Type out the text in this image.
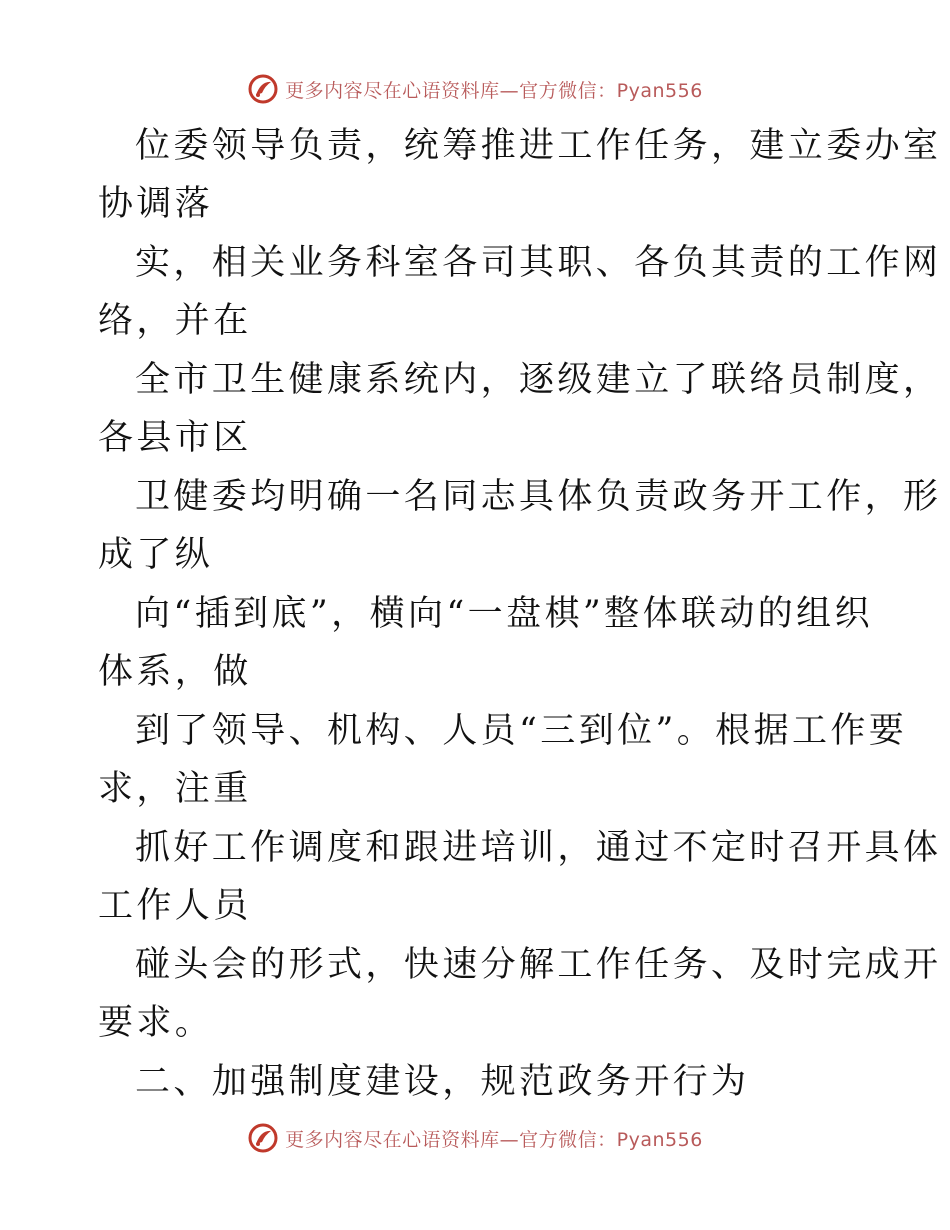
更多内容尽在心语资料库—官方微信：Pyan556
位委领导负责，统筹推进工作任务，建立委办室
协调落
实，相关业务科室各司其职、各负其责的工作网
络，并在
全市卫生健康系统内，逐级建立了联络员制度，
各县市区
卫健委均明确一名同志具体负责政务开工作，形
成了纵
向“插到底”，横向“一盘棋”整体联动的组织
体系，做
到了领导、机构、人员“三到位”。根据工作要
求，注重
抓好工作调度和跟进培训，通过不定时召开具体
工作人员
碰头会的形式，快速分解工作任务、及时完成开
要求。
二、加强制度建设，规范政务开行为
更多内容尽在心语资料库—官方微信：Pyan556
